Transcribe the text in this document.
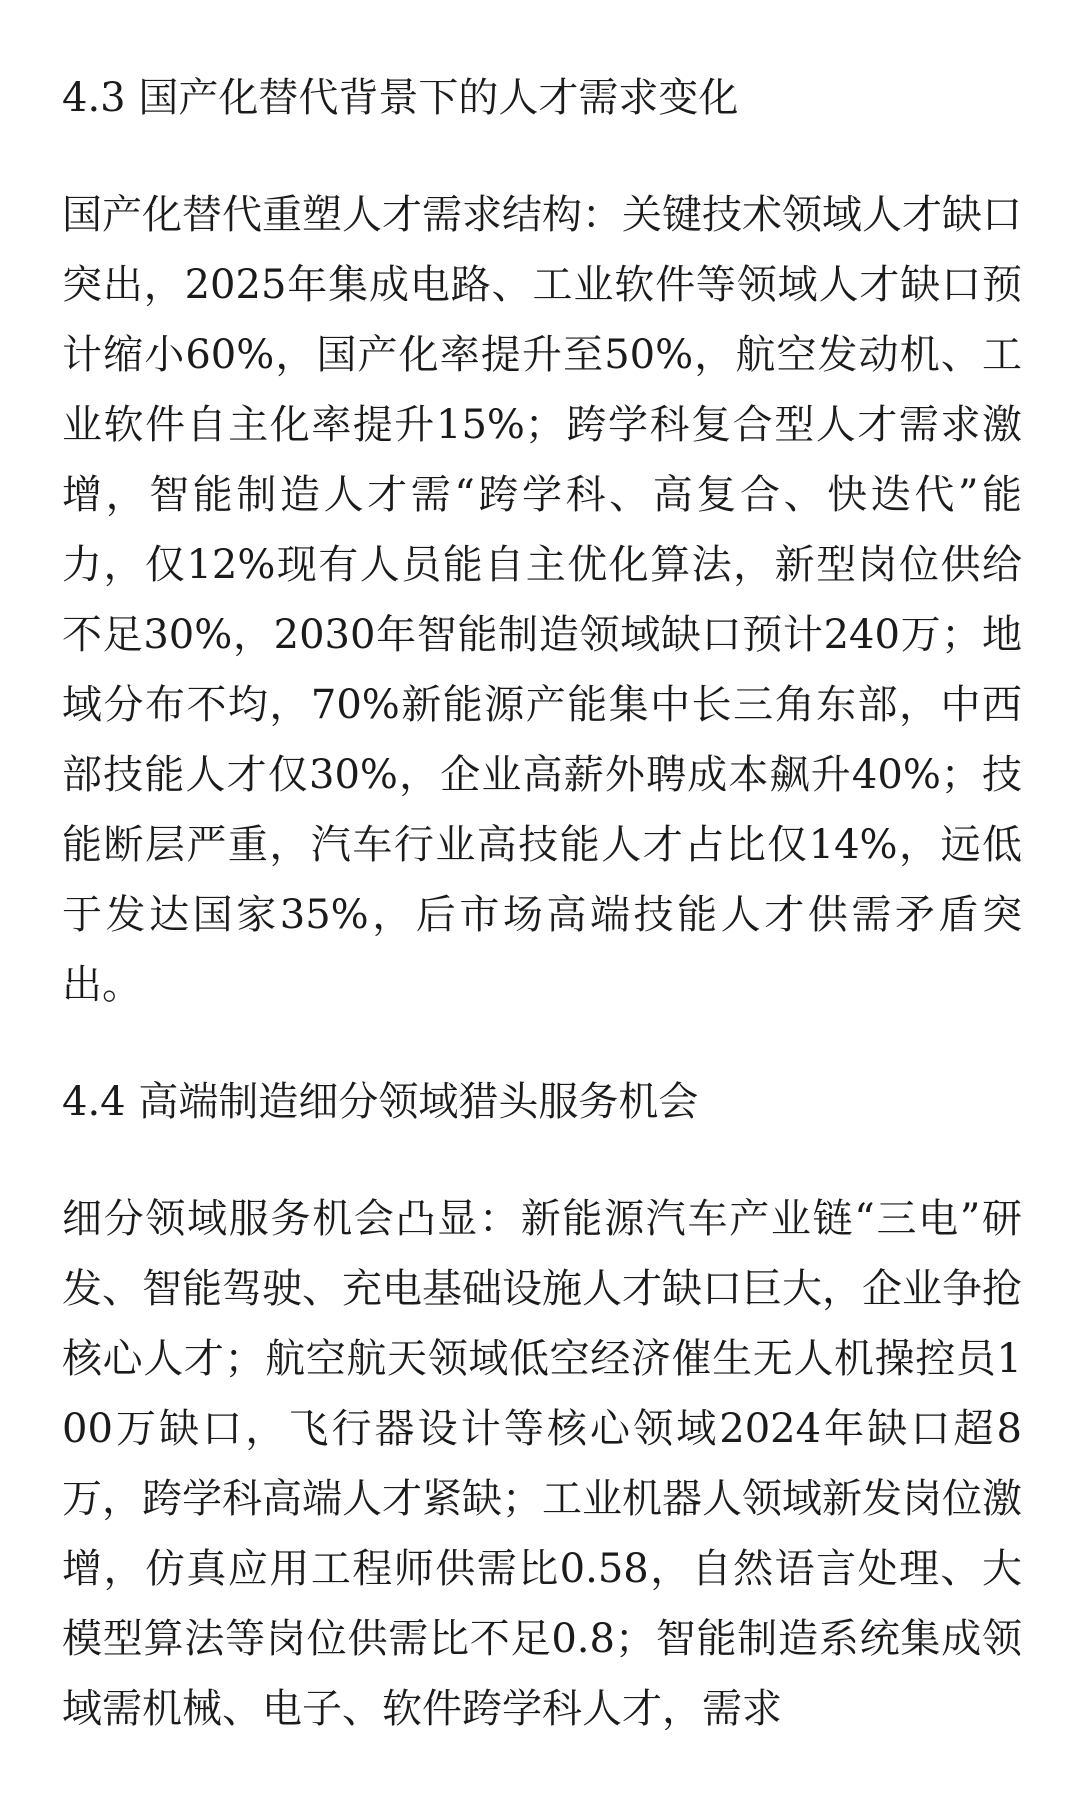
4.3 国产化替代背景下的人才需求变化

国产化替代重塑人才需求结构：关键技术领域人才缺口突出，2025年集成电路、工业软件等领域人才缺口预计缩小60%，国产化率提升至50%，航空发动机、工业软件自主化率提升15%；跨学科复合型人才需求激增，智能制造人才需“跨学科、高复合、快迭代”能力，仅12%现有人员能自主优化算法，新型岗位供给不足30%，2030年智能制造领域缺口预计240万；地域分布不均，70%新能源产能集中长三角东部，中西部技能人才仅30%，企业高薪外聘成本飙升40%；技能断层严重，汽车行业高技能人才占比仅14%，远低于发达国家35%，后市场高端技能人才供需矛盾突出。

4.4 高端制造细分领域猎头服务机会

细分领域服务机会凸显：新能源汽车产业链“三电”研发、智能驾驶、充电基础设施人才缺口巨大，企业争抢核心人才；航空航天领域低空经济催生无人机操控员100万缺口，飞行器设计等核心领域2024年缺口超8万，跨学科高端人才紧缺；工业机器人领域新发岗位激增，仿真应用工程师供需比0.58，自然语言处理、大模型算法等岗位供需比不足0.8；智能制造系统集成领域需机械、电子、软件跨学科人才，需求
